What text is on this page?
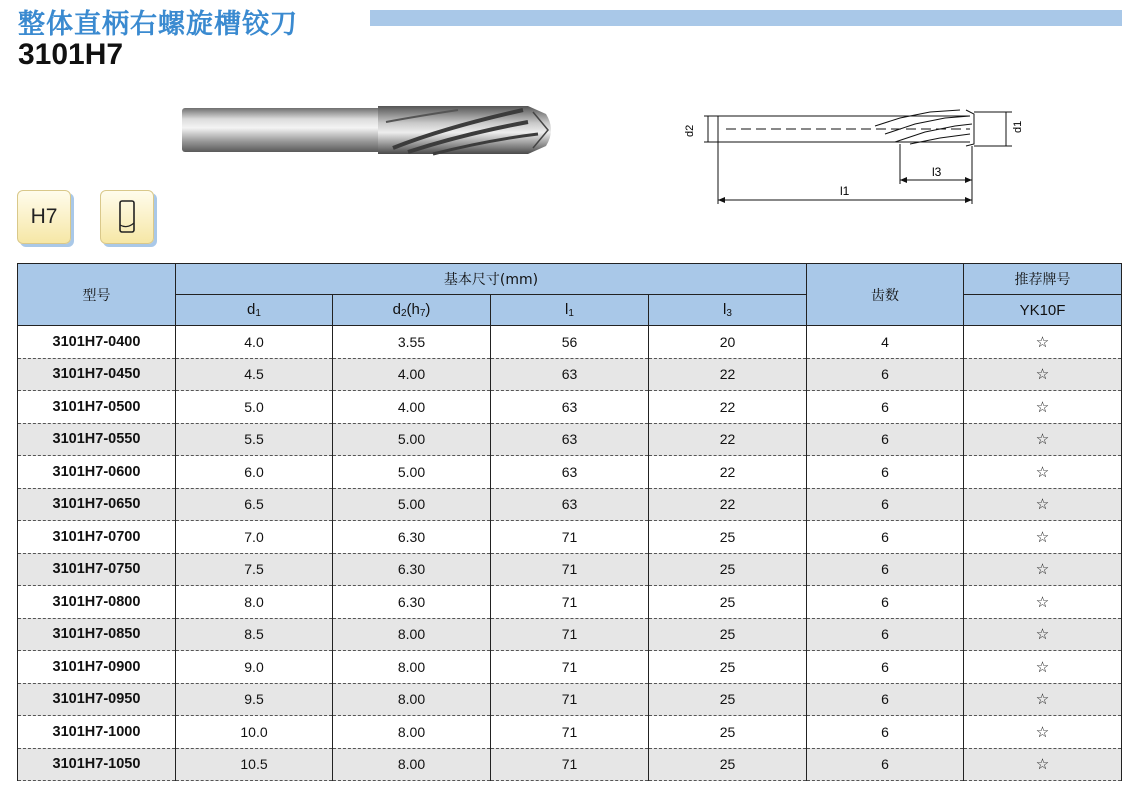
整体直柄右螺旋槽铰刀
3101H7
d2	d1
l3
l1
H7
型号	基本尺寸(mm)				齿数	推荐牌号
	$d_1$	$d_2(h_7)$	$l_1$	$l_3$		YK10F
3101H7-0400	4.0	3.55	56	20	4	☆
3101H7-0450	4.5	4.00	63	22	6	☆
3101H7-0500	5.0	4.00	63	22	6	☆
3101H7-0550	5.5	5.00	63	22	6	☆
3101H7-0600	6.0	5.00	63	22	6	☆
3101H7-0650	6.5	5.00	63	22	6	☆
3101H7-0700	7.0	6.30	71	25	6	☆
3101H7-0750	7.5	6.30	71	25	6	☆
3101H7-0800	8.0	6.30	71	25	6	☆
3101H7-0850	8.5	8.00	71	25	6	☆
3101H7-0900	9.0	8.00	71	25	6	☆
3101H7-0950	9.5	8.00	71	25	6	☆
3101H7-1000	10.0	8.00	71	25	6	☆
3101H7-1050	10.5	8.00	71	25	6	☆
